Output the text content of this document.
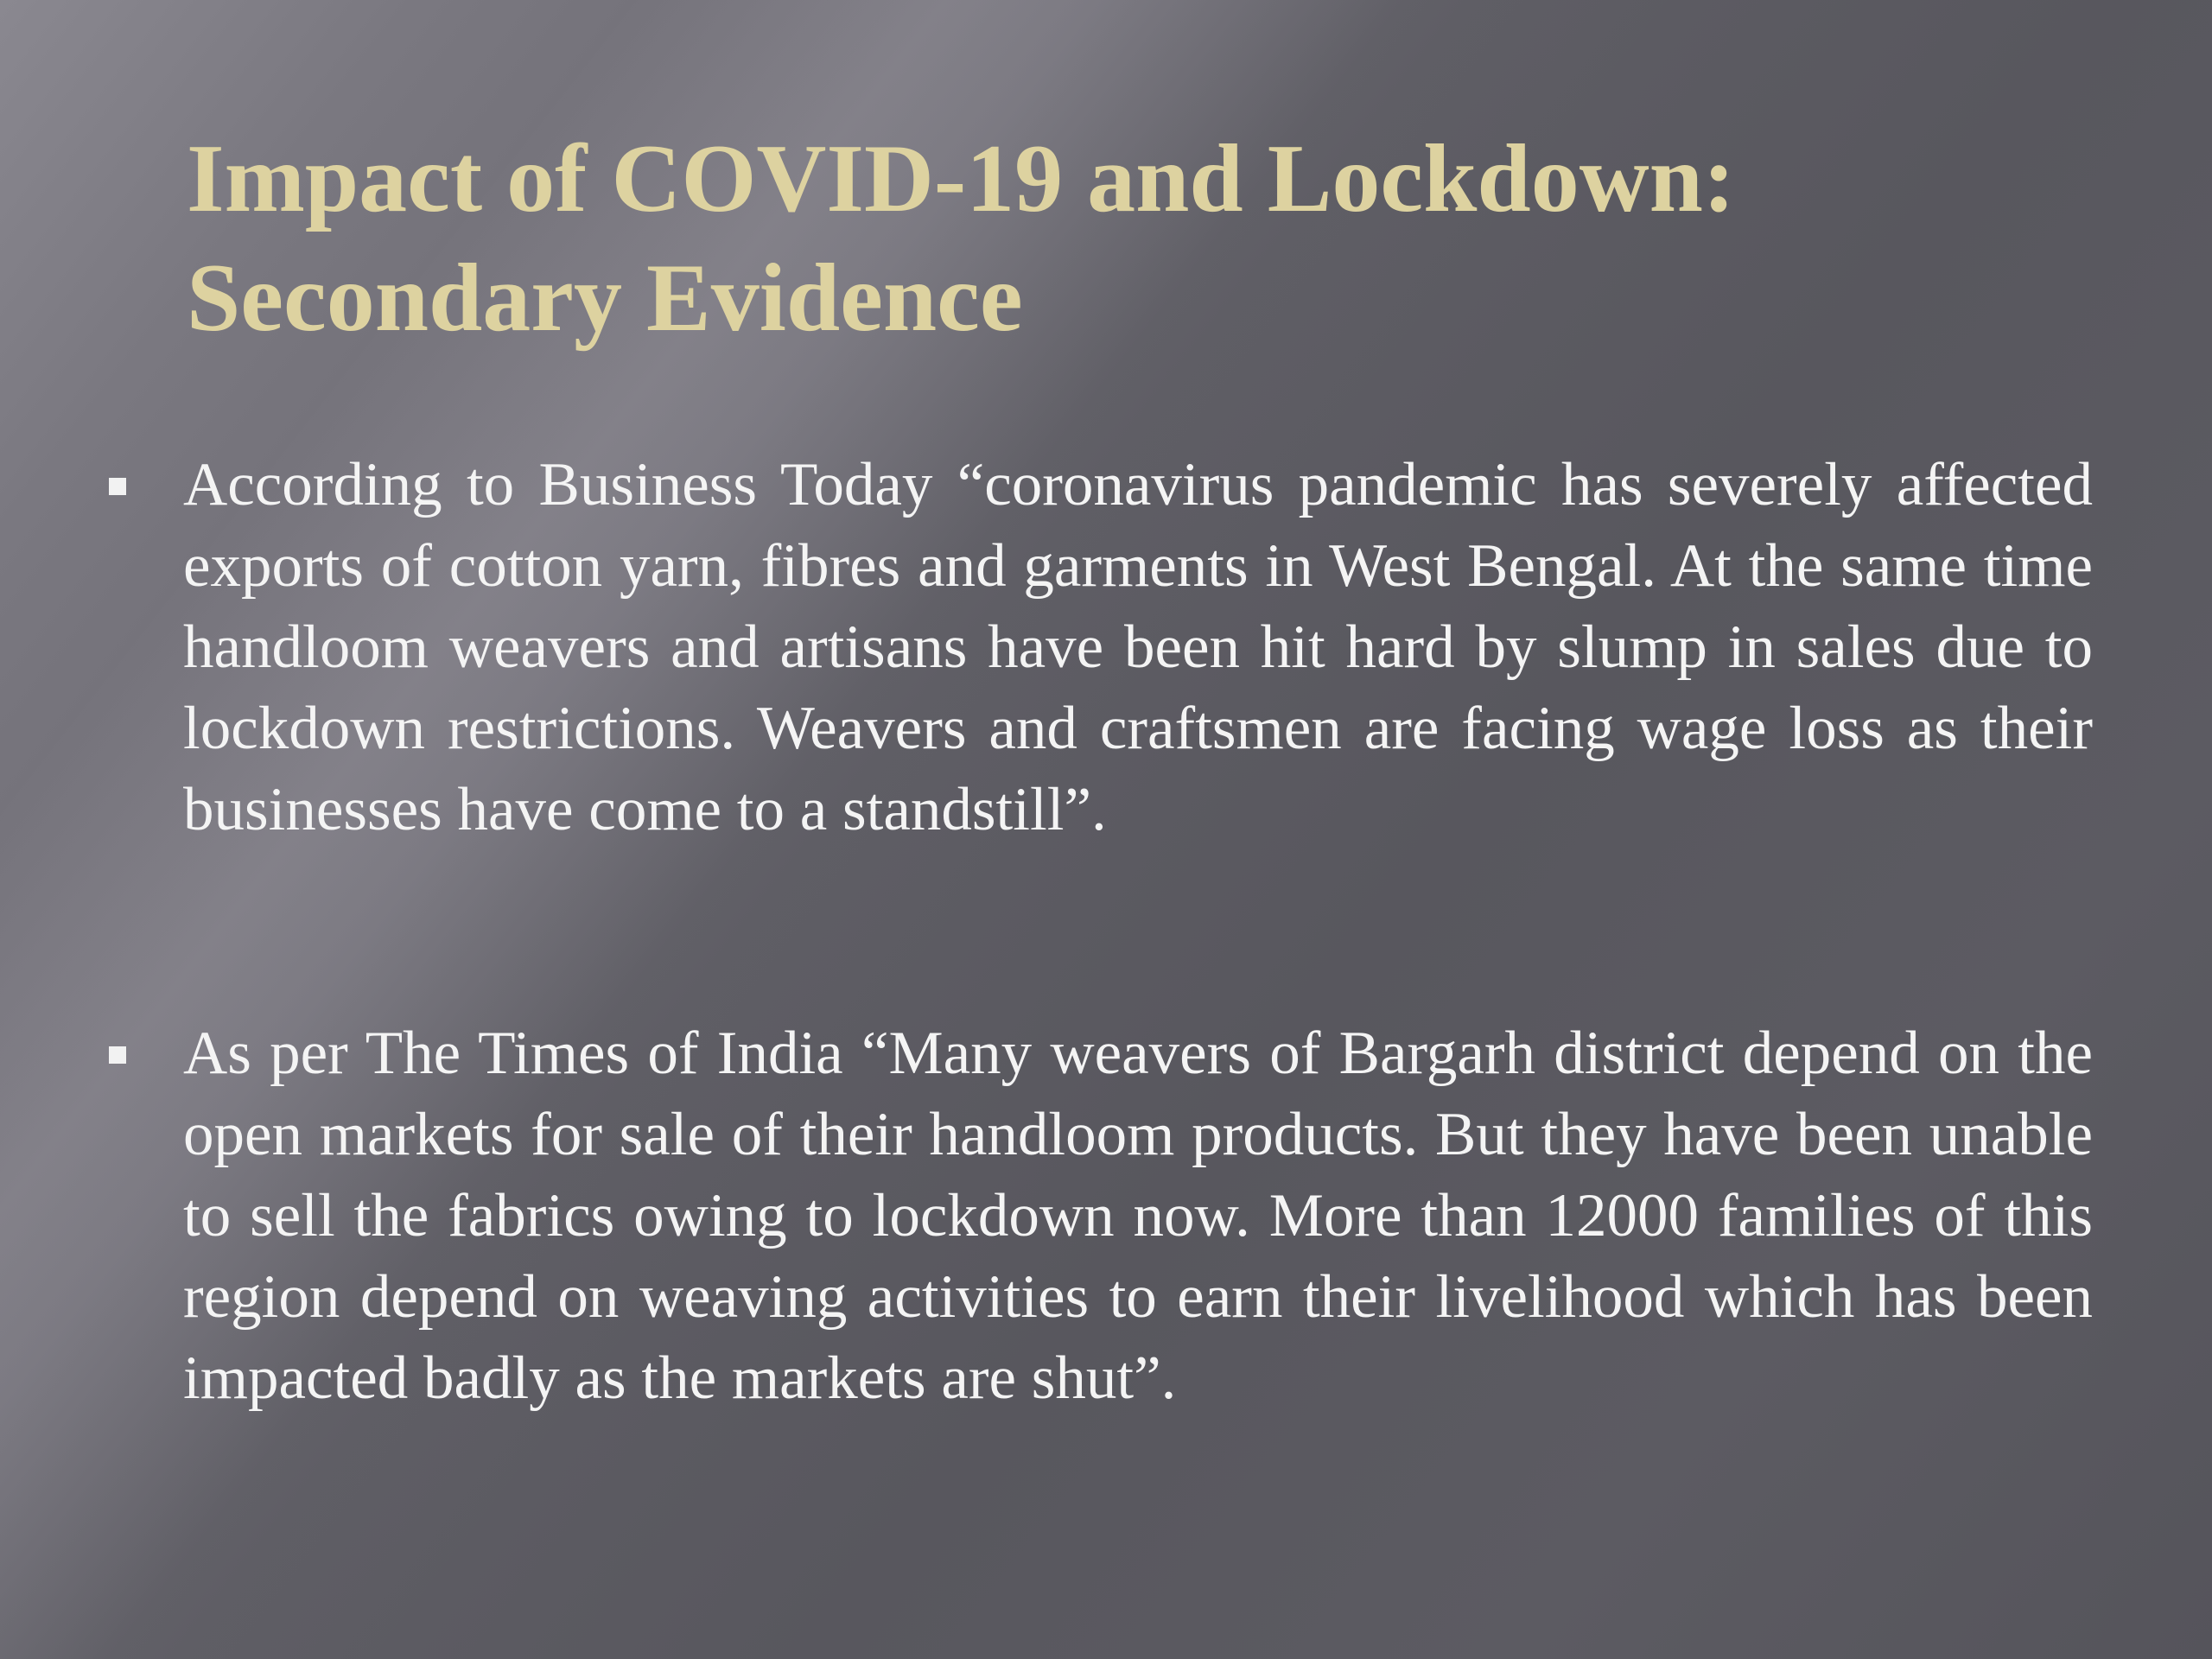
Impact of COVID-19 and Lockdown:
Secondary Evidence
According to Business Today “coronavirus pandemic has severely affected exports of cotton yarn, fibres and garments in West Bengal. At the same time handloom weavers and artisans have been hit hard by slump in sales due to lockdown restrictions. Weavers and craftsmen are facing wage loss as their businesses have come to a standstill”.
As per The Times of India “Many weavers of Bargarh district depend on the open markets for sale of their handloom products. But they have been unable to sell the fabrics owing to lockdown now. More than 12000 families of this region depend on weaving activities to earn their livelihood which has been impacted badly as the markets are shut”.
